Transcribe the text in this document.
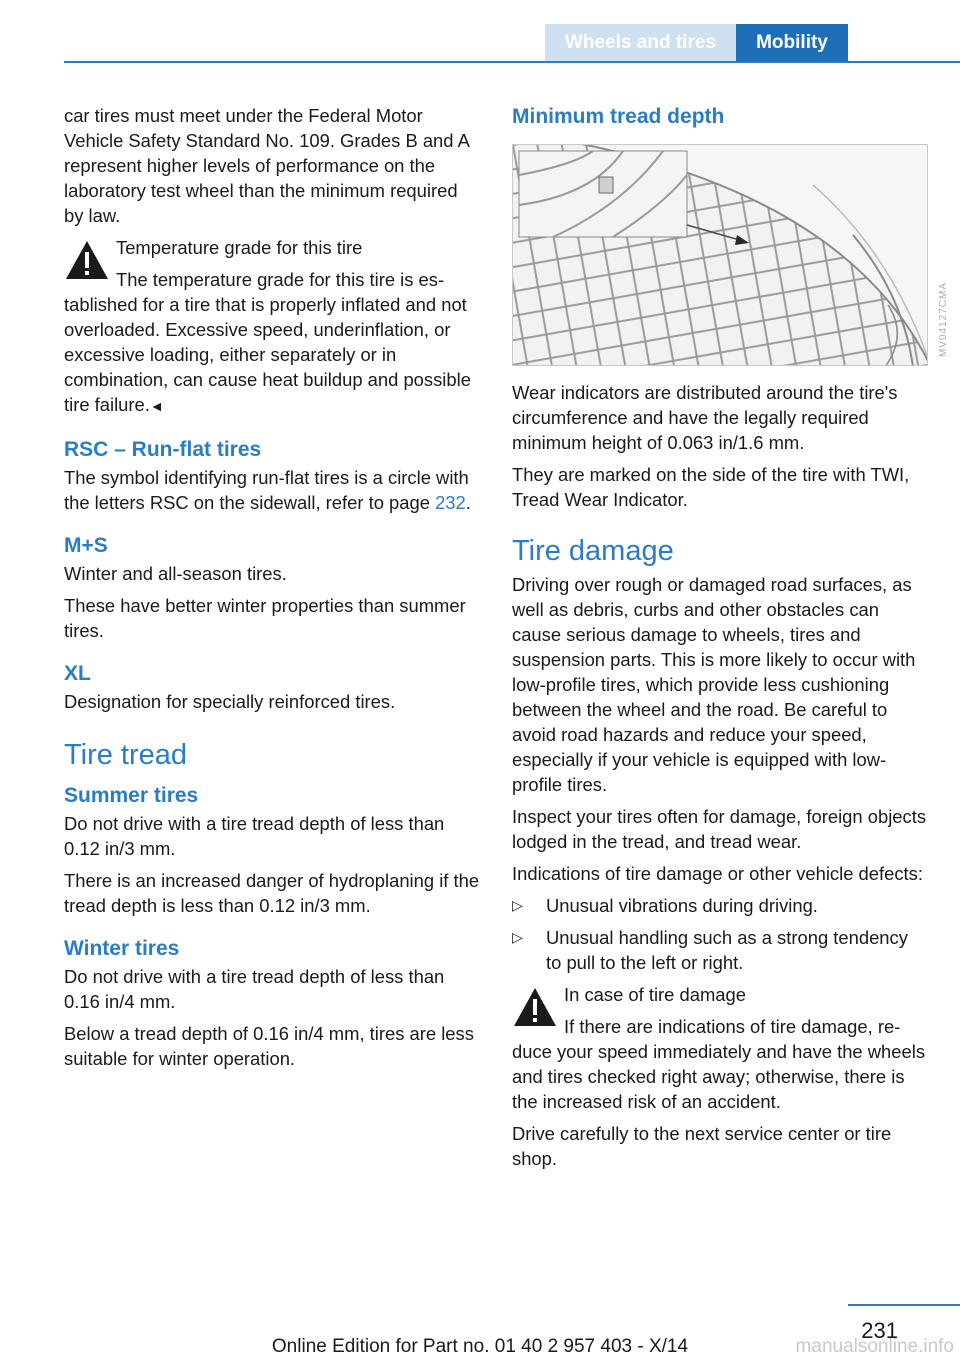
Wheels and tires	Mobility

car tires must meet under the Federal Motor Vehicle Safety Standard No. 109. Grades B and A represent higher levels of performance on the laboratory test wheel than the minimum required by law.

Temperature grade for this tire
The temperature grade for this tire is established for a tire that is properly inflated and not overloaded. Excessive speed, underinflation, or excessive loading, either separately or in combination, can cause heat buildup and possible tire failure.◄
RSC – Run-flat tires

The symbol identifying run-flat tires is a circle with the letters RSC on the sidewall, refer to page 232.

M+S

Winter and all-season tires.

These have better winter properties than summer tires.

XL

Designation for specially reinforced tires.

Tire tread
Summer tires

Do not drive with a tire tread depth of less than 0.12 in/3 mm.

There is an increased danger of hydroplaning if the tread depth is less than 0.12 in/3 mm.

Winter tires

Do not drive with a tire tread depth of less than 0.16 in/4 mm.

Below a tread depth of 0.16 in/4 mm, tires are less suitable for winter operation.

Minimum tread depth

Wear indicators are distributed around the tire's circumference and have the legally required minimum height of 0.063 in/1.6 mm.

They are marked on the side of the tire with TWI, Tread Wear Indicator.

Tire damage

Driving over rough or damaged road surfaces, as well as debris, curbs and other obstacles can cause serious damage to wheels, tires and suspension parts. This is more likely to occur with low-profile tires, which provide less cushioning between the wheel and the road. Be careful to avoid road hazards and reduce your speed, especially if your vehicle is equipped with low-profile tires.

Inspect your tires often for damage, foreign objects lodged in the tread, and tread wear.

Indications of tire damage or other vehicle defects:

▷ Unusual vibrations during driving.
▷ Unusual handling such as a strong tendency to pull to the left or right.
In case of tire damage
If there are indications of tire damage, reduce your speed immediately and have the wheels and tires checked right away; otherwise, there is the increased risk of an accident.

Drive carefully to the next service center or tire shop.

MV04127CMA
231
Online Edition for Part no. 01 40 2 957 403 - X/14	manualsonline.info
